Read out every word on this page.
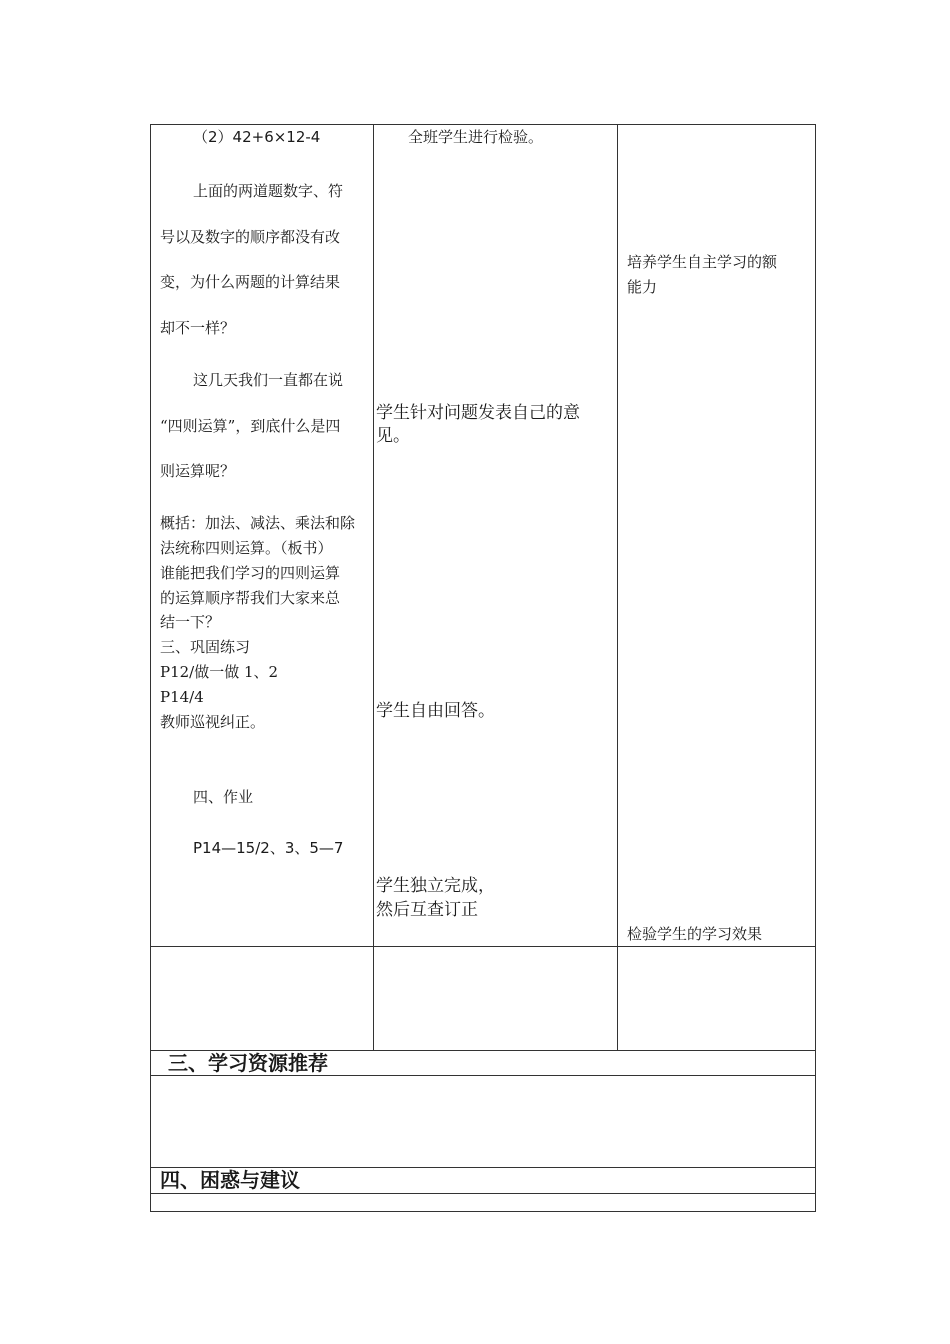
（2）42+6×12-4
上面的两道题数字、符
号以及数字的顺序都没有改
变，为什么两题的计算结果
却不一样？
这几天我们一直都在说
“四则运算”，到底什么是四
则运算呢？
概括：加法、减法、乘法和除
法统称四则运算。（板书）
谁能把我们学习的四则运算
的运算顺序帮我们大家来总
结一下？
三、巩固练习
P12/做一做 1、2
P14/4
教师巡视纠正。
四、作业
P14—15/2、3、5—7
全班学生进行检验。
学生针对问题发表自己的意
见。
学生自由回答。
学生独立完成，
然后互查订正
培养学生自主学习的额
能力
检验学生的学习效果
三、学习资源推荐
四、困惑与建议
